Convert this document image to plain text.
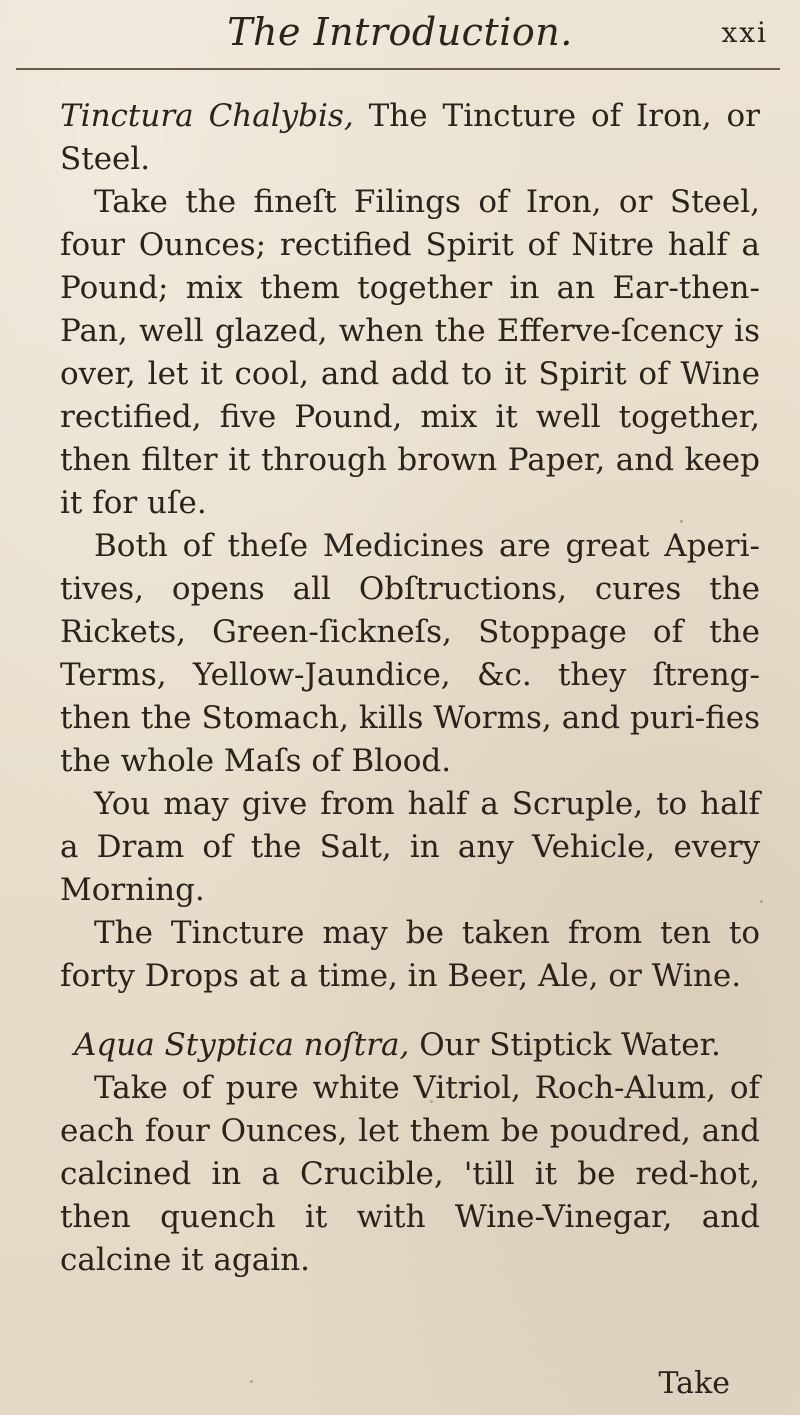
The Introduction.	xxi

Tinctura Chalybis, The Tincture of Iron, or Steel.

Take the fineſt Filings of Iron, or Steel, four Ounces; rectified Spirit of Nitre half a Pound; mix them together in an Ear-then-Pan, well glazed, when the Efferve-ſcency is over, let it cool, and add to it Spirit of Wine rectified, five Pound, mix it well together, then filter it through brown Paper, and keep it for uſe.

Both of theſe Medicines are great Aperi-tives, opens all Obſtructions, cures the Rickets, Green-ſickneſs, Stoppage of the Terms, Yellow-Jaundice, &c. they ſtreng-then the Stomach, kills Worms, and puri-fies the whole Maſs of Blood.

You may give from half a Scruple, to half a Dram of the Salt, in any Vehicle, every Morning.

The Tincture may be taken from ten to forty Drops at a time, in Beer, Ale, or Wine.

Aqua Styptica noſtra, Our Stiptick Water.

Take of pure white Vitriol, Roch-Alum, of each four Ounces, let them be poudred, and calcined in a Crucible, 'till it be red-hot, then quench it with Wine-Vinegar, and calcine it again.

Take
